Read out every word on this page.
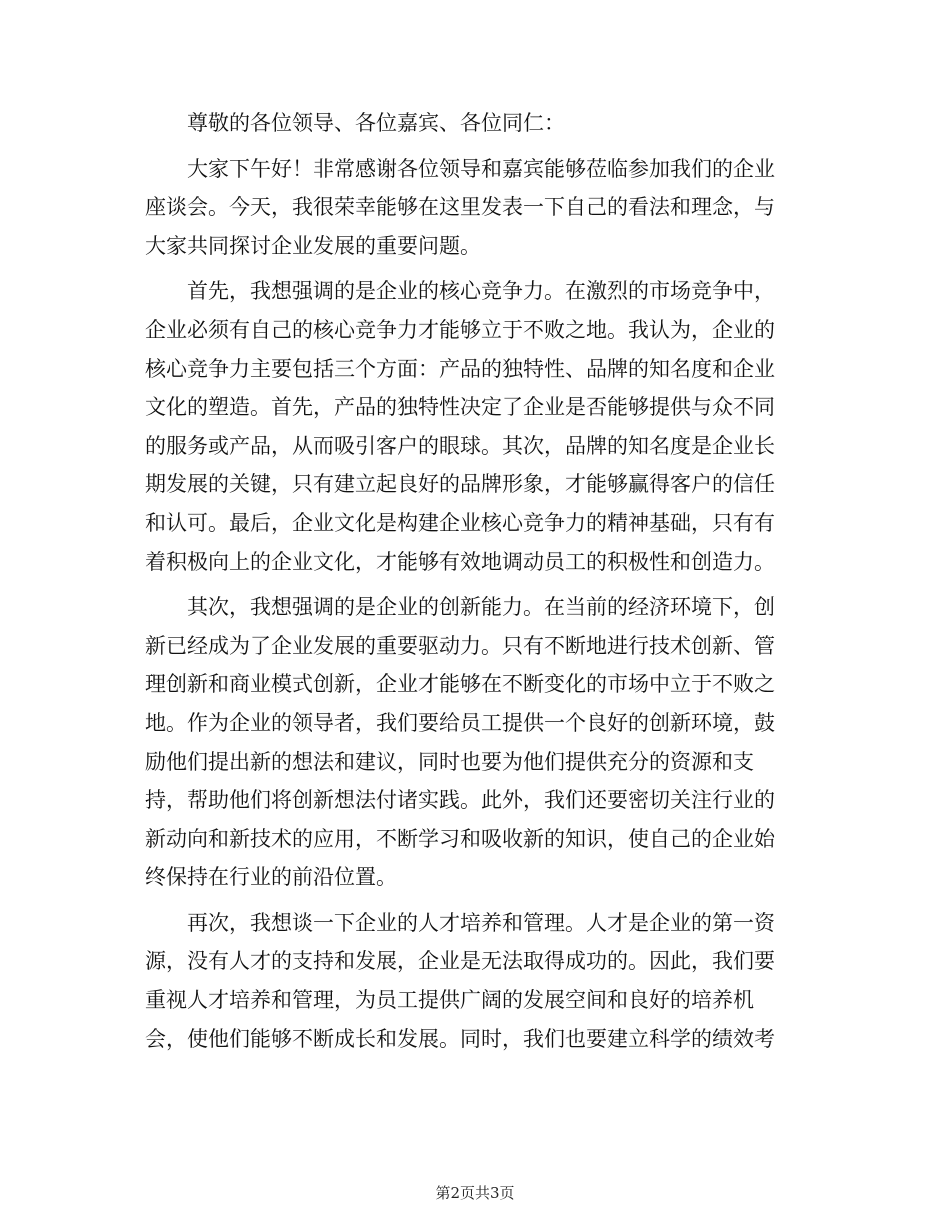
尊敬的各位领导、各位嘉宾、各位同仁：
大家下午好！非常感谢各位领导和嘉宾能够莅临参加我们的企业
座谈会。今天，我很荣幸能够在这里发表一下自己的看法和理念，与
大家共同探讨企业发展的重要问题。
首先，我想强调的是企业的核心竞争力。在激烈的市场竞争中，
企业必须有自己的核心竞争力才能够立于不败之地。我认为，企业的
核心竞争力主要包括三个方面：产品的独特性、品牌的知名度和企业
文化的塑造。首先，产品的独特性决定了企业是否能够提供与众不同
的服务或产品，从而吸引客户的眼球。其次，品牌的知名度是企业长
期发展的关键，只有建立起良好的品牌形象，才能够赢得客户的信任
和认可。最后，企业文化是构建企业核心竞争力的精神基础，只有有
着积极向上的企业文化，才能够有效地调动员工的积极性和创造力。
其次，我想强调的是企业的创新能力。在当前的经济环境下，创
新已经成为了企业发展的重要驱动力。只有不断地进行技术创新、管
理创新和商业模式创新，企业才能够在不断变化的市场中立于不败之
地。作为企业的领导者，我们要给员工提供一个良好的创新环境，鼓
励他们提出新的想法和建议，同时也要为他们提供充分的资源和支
持，帮助他们将创新想法付诸实践。此外，我们还要密切关注行业的
新动向和新技术的应用，不断学习和吸收新的知识，使自己的企业始
终保持在行业的前沿位置。
再次，我想谈一下企业的人才培养和管理。人才是企业的第一资
源，没有人才的支持和发展，企业是无法取得成功的。因此，我们要
重视人才培养和管理，为员工提供广阔的发展空间和良好的培养机
会，使他们能够不断成长和发展。同时，我们也要建立科学的绩效考
第2页共3页
